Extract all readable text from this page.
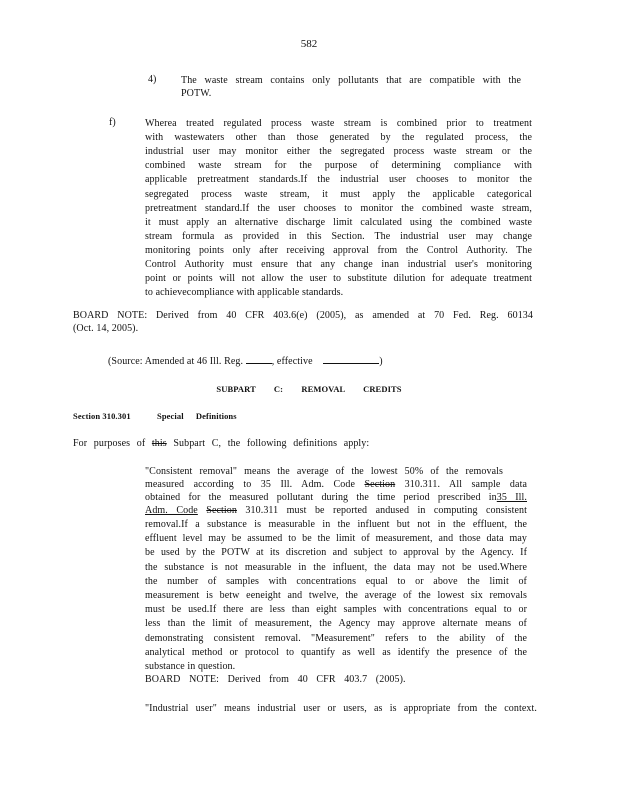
582
4) The waste stream contains only pollutants that are compatible with the
POTW.
f)	Wherea treated regulated process waste stream is combined prior to treatment
with wastewaters other than those generated by the regulated process, the
industrial user may monitor either the segregated process waste stream or the
combined waste stream for the purpose of determining compliance with
applicable pretreatment standards.If the industrial user chooses to monitor the
segregated process waste stream, it must apply the applicable categorical
pretreatment standard.If the user chooses to monitor the combined waste stream,
it must apply an alternative discharge limit calculated using the combined waste
stream formula as provided in this Section. The industrial user may change
monitoring points only after receiving approval from the Control Authority. The
Control Authority must ensure that any change inan industrial user's monitoring
point or points will not allow the user to substitute dilution for adequate treatment
to achievecompliance with applicable standards.
BOARD NOTE: Derived from 40 CFR 403.6(e) (2005), as amended at 70 Fed. Reg. 60134
(Oct. 14, 2005).
(Source: Amended at 46 Ill. Reg.	, effective	)
SUBPART C: REMOVAL CREDITS
Section 310.301	Special Definitions
For purposes of this Subpart C, the following definitions apply:
"Consistent removal" means the average of the lowest 50% of the removals
measured according to 35 Ill. Adm. Code Section 310.311. All sample data
obtained for the measured pollutant during the time period prescribed in35 Ill.
Adm. Code Section 310.311 must be reported andused in computing consistent
removal.If a substance is measurable in the influent but not in the effluent, the
effluent level may be assumed to be the limit of measurement, and those data may
be used by the POTW at its discretion and subject to approval by the Agency. If
the substance is not measurable in the influent, the data may not be used.Where
the number of samples with concentrations equal to or above the limit of
measurement is betw eeneight and twelve, the average of the lowest six removals
must be used.If there are less than eight samples with concentrations equal to or
less than the limit of measurement, the Agency may approve alternate means of
demonstrating consistent removal. "Measurement" refers to the ability of the
analytical method or protocol to quantify as well as identify the presence of the
substance in question.
BOARD NOTE: Derived from 40 CFR 403.7 (2005).
"Industrial user" means industrial user or users, as is appropriate from the context.
